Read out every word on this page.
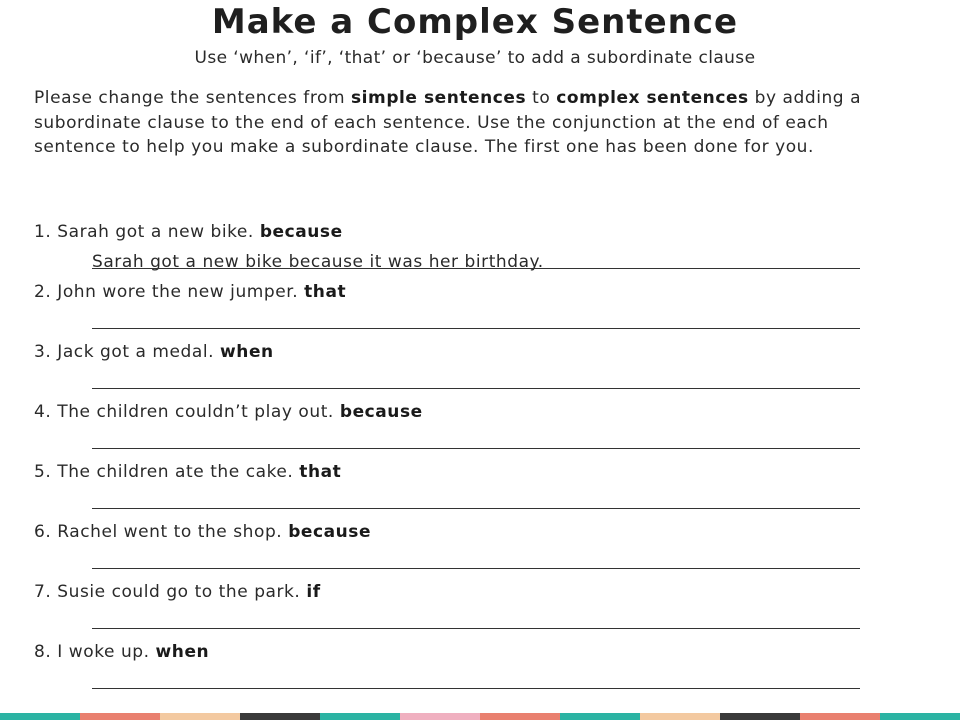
Make a Complex Sentence
Use ‘when’, ‘if’, ‘that’ or ‘because’ to add a subordinate clause
Please change the sentences from simple sentences to complex sentences by adding a subordinate clause to the end of each sentence. Use the conjunction at the end of each sentence to help you make a subordinate clause. The first one has been done for you.
1. Sarah got a new bike. because
Sarah got a new bike because it was her birthday.
2. John wore the new jumper. that
3. Jack got a medal. when
4. The children couldn’t play out. because
5. The children ate the cake. that
6. Rachel went to the shop. because
7. Susie could go to the park. if
8. I woke up. when
